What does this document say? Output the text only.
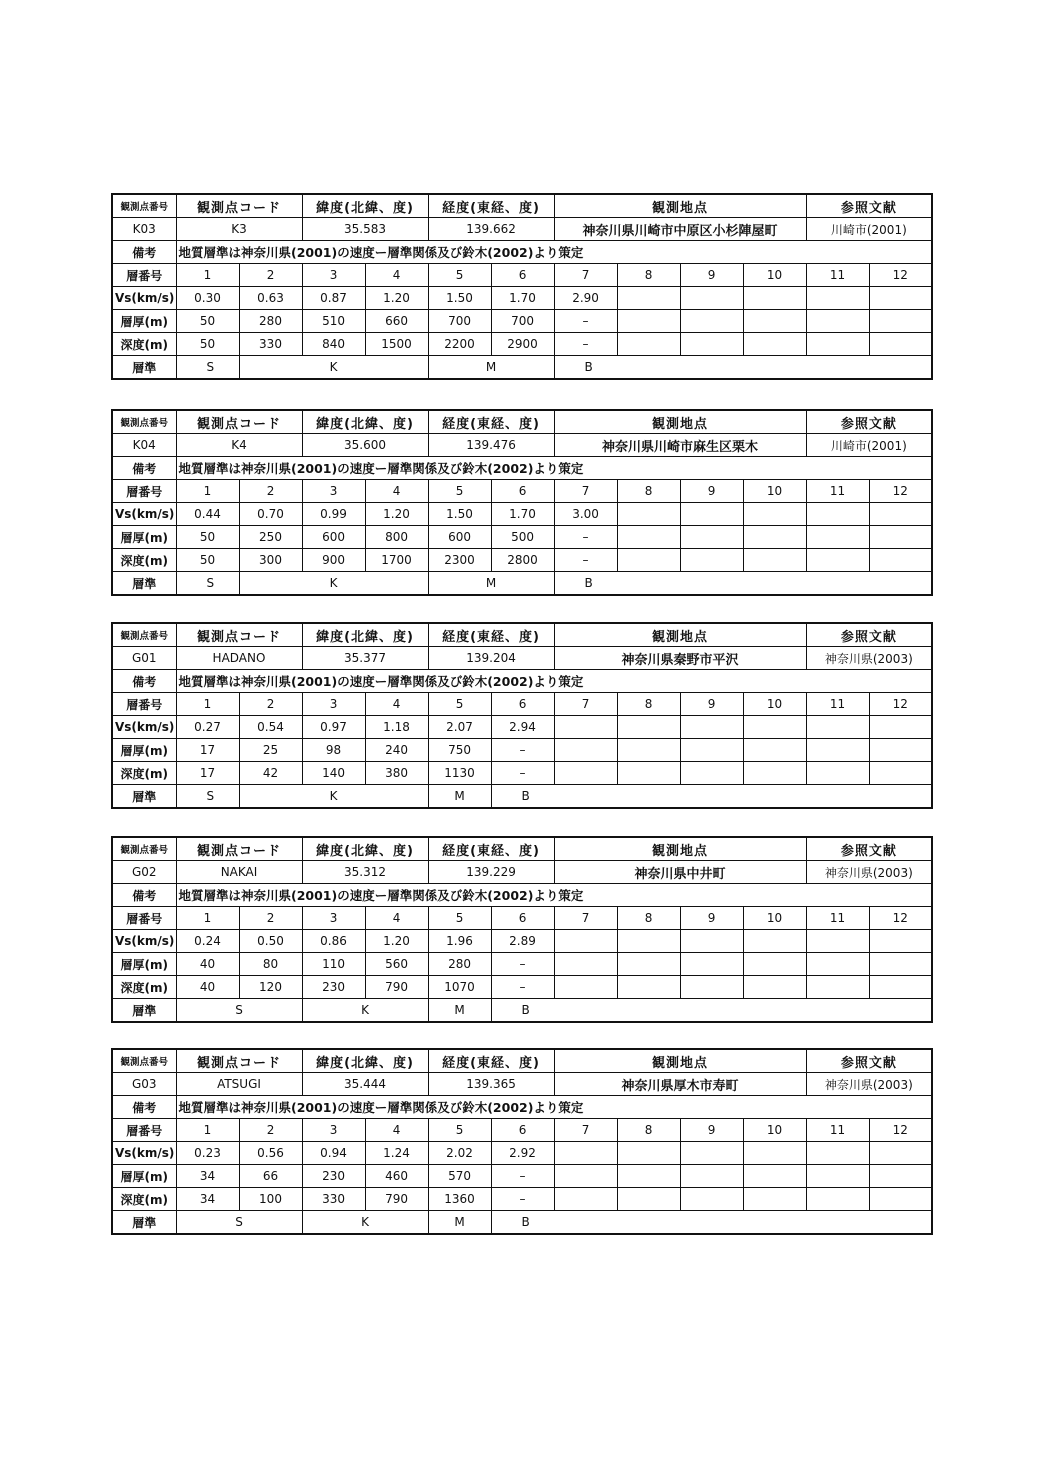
観測点番号	観測点コード		緯度(北緯、度)		経度(東経、度)		観測地点				参照文献	
K03	K3		35.583		139.662		神奈川県川崎市中原区小杉陣屋町				川崎市(2001)	
備考	地質層準は神奈川県(2001)の速度ー層準関係及び鈴木(2002)より策定											
層番号	1	2	3	4	5	6	7	8	9	10	11	12
Vs(km/s)	0.30	0.63	0.87	1.20	1.50	1.70	2.90					
層厚(m)	50	280	510	660	700	700	–					
深度(m)	50	330	840	1500	2200	2900	–					
層準	S	K			M		B					
観測点番号	観測点コード		緯度(北緯、度)		経度(東経、度)		観測地点				参照文献	
K04	K4		35.600		139.476		神奈川県川崎市麻生区栗木				川崎市(2001)	
備考	地質層準は神奈川県(2001)の速度ー層準関係及び鈴木(2002)より策定											
層番号	1	2	3	4	5	6	7	8	9	10	11	12
Vs(km/s)	0.44	0.70	0.99	1.20	1.50	1.70	3.00					
層厚(m)	50	250	600	800	600	500	–					
深度(m)	50	300	900	1700	2300	2800	–					
層準	S	K			M		B					
観測点番号	観測点コード		緯度(北緯、度)		経度(東経、度)		観測地点				参照文献	
G01	HADANO		35.377		139.204		神奈川県秦野市平沢				神奈川県(2003)	
備考	地質層準は神奈川県(2001)の速度ー層準関係及び鈴木(2002)より策定											
層番号	1	2	3	4	5	6	7	8	9	10	11	12
Vs(km/s)	0.27	0.54	0.97	1.18	2.07	2.94						
層厚(m)	17	25	98	240	750	–						
深度(m)	17	42	140	380	1130	–						
層準	S	K			M	B						
観測点番号	観測点コード		緯度(北緯、度)		経度(東経、度)		観測地点				参照文献	
G02	NAKAI		35.312		139.229		神奈川県中井町				神奈川県(2003)	
備考	地質層準は神奈川県(2001)の速度ー層準関係及び鈴木(2002)より策定											
層番号	1	2	3	4	5	6	7	8	9	10	11	12
Vs(km/s)	0.24	0.50	0.86	1.20	1.96	2.89						
層厚(m)	40	80	110	560	280	–						
深度(m)	40	120	230	790	1070	–						
層準	S		K		M	B						
観測点番号	観測点コード		緯度(北緯、度)		経度(東経、度)		観測地点				参照文献	
G03	ATSUGI		35.444		139.365		神奈川県厚木市寿町				神奈川県(2003)	
備考	地質層準は神奈川県(2001)の速度ー層準関係及び鈴木(2002)より策定											
層番号	1	2	3	4	5	6	7	8	9	10	11	12
Vs(km/s)	0.23	0.56	0.94	1.24	2.02	2.92						
層厚(m)	34	66	230	460	570	–						
深度(m)	34	100	330	790	1360	–						
層準	S		K		M	B						
